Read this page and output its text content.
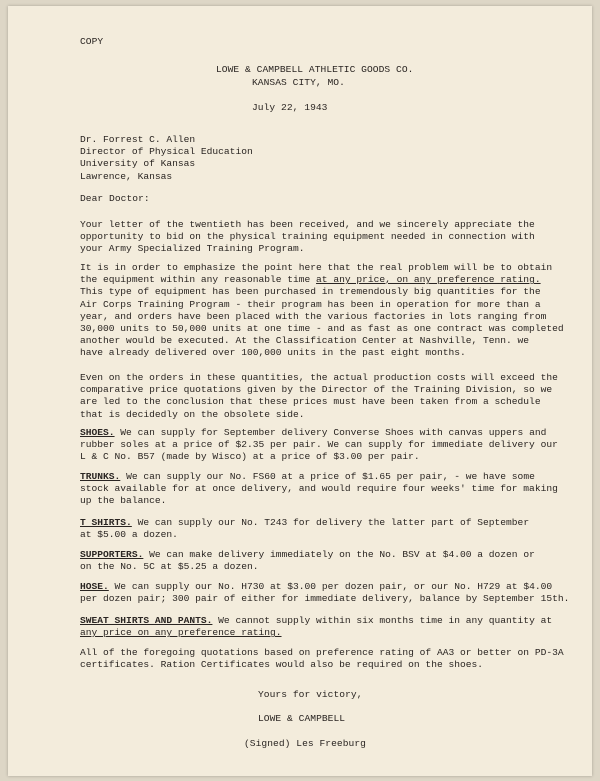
COPY

LOWE & CAMPBELL ATHLETIC GOODS CO.

KANSAS CITY, MO.

July 22, 1943

Dr. Forrest C. Allen
Director of Physical Education
University of Kansas
Lawrence, Kansas

Dear Doctor:

Your letter of the twentieth has been received, and we sincerely appreciate the
opportunity to bid on the physical training equipment needed in connection with
your Army Specialized Training Program.
It is in order to emphasize the point here that the real problem will be to obtain
the equipment within any reasonable time at any price, on any preference rating.
This type of equipment has been purchased in tremendously big quantities for the
Air Corps Training Program - their program has been in operation for more than a
year, and orders have been placed with the various factories in lots ranging from
30,000 units to 50,000 units at one time - and as fast as one contract was completed
another would be executed. At the Classification Center at Nashville, Tenn. we
have already delivered over 100,000 units in the past eight months.
Even on the orders in these quantities, the actual production costs will exceed the
comparative price quotations given by the Director of the Training Division, so we
are led to the conclusion that these prices must have been taken from a schedule
that is decidedly on the obsolete side.
SHOES. We can supply for September delivery Converse Shoes with canvas uppers and
rubber soles at a price of $2.35 per pair. We can supply for immediate delivery our
L & C No. B57 (made by Wisco) at a price of $3.00 per pair.
TRUNKS. We can supply our No. FS60 at a price of $1.65 per pair, - we have some
stock available for at once delivery, and would require four weeks' time for making
up the balance.
T SHIRTS. We can supply our No. T243 for delivery the latter part of September
at $5.00 a dozen.
SUPPORTERS. We can make delivery immediately on the No. BSV at $4.00 a dozen or
on the No. 5C at $5.25 a dozen.
HOSE. We can supply our No. H730 at $3.00 per dozen pair, or our No. H729 at $4.00
per dozen pair; 300 pair of either for immediate delivery, balance by September 15th.
SWEAT SHIRTS AND PANTS. We cannot supply within six months time in any quantity at
any price on any preference rating.
All of the foregoing quotations based on preference rating of AA3 or better on PD-3A
certificates. Ration Certificates would also be required on the shoes.

Yours for victory,

LOWE & CAMPBELL

(Signed) Les Freeburg
